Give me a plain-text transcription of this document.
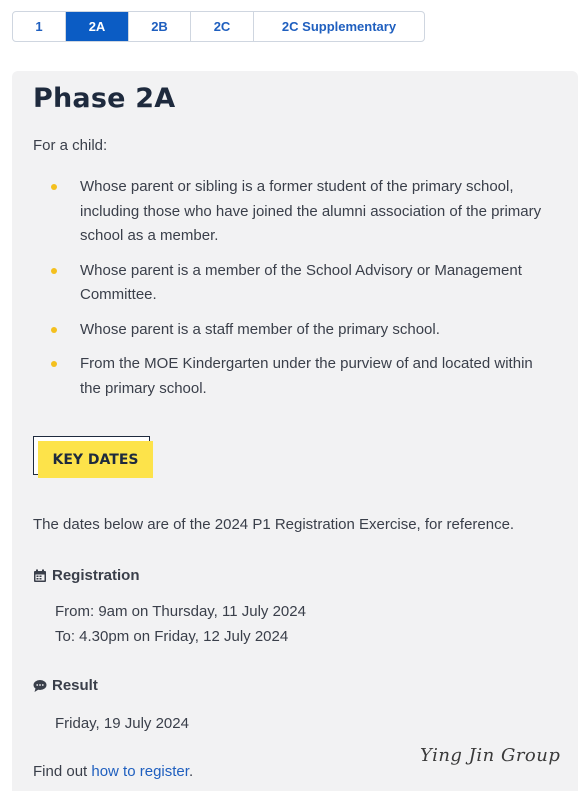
1	2A	2B	2C	2C Supplementary
Phase 2A

For a child:

Whose parent or sibling is a former student of the primary school, including those who have joined the alumni association of the primary school as a member.
Whose parent is a member of the School Advisory or Management Committee.
Whose parent is a staff member of the primary school.
From the MOE Kindergarten under the purview of and located within the primary school.
KEY DATES

The dates below are of the 2024 P1 Registration Exercise, for reference.

Registration

From: 9am on Thursday, 11 July 2024

To: 4.30pm on Friday, 12 July 2024

Result

Friday, 19 July 2024

Find out how to register.

Ying Jin Group
